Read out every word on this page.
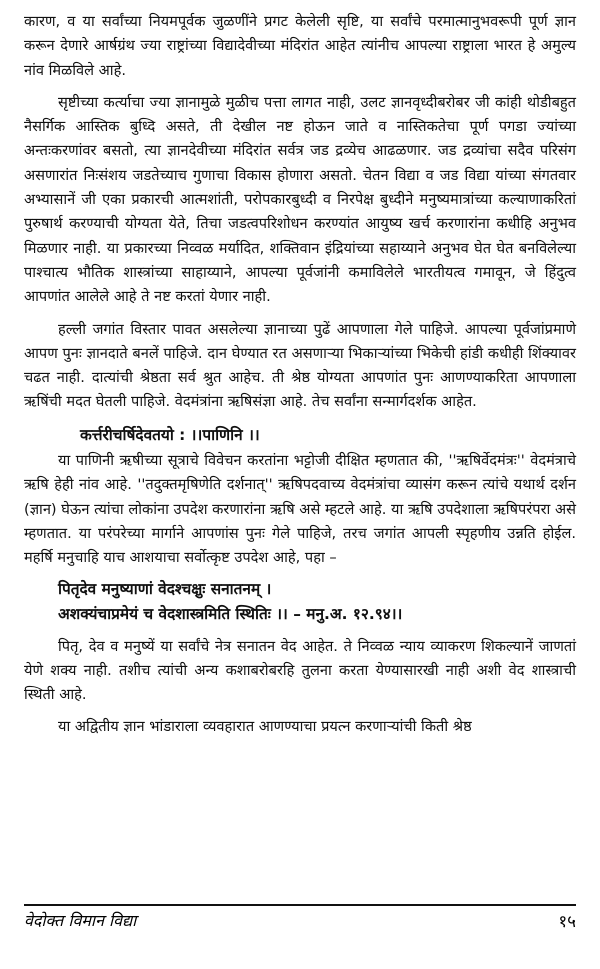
कारण, व या सर्वांच्या नियमपूर्वक जुळणींने प्रगट केलेली सृष्टि, या सर्वांचे परमात्मानुभवरूपी पूर्ण ज्ञान करून देणारे आर्षग्रंथ ज्या राष्ट्रांच्या विद्यादेवीच्या मंदिरांत आहेत त्यांनीच आपल्या राष्ट्राला भारत हे अमुल्य नांव मिळविले आहे.

सृष्टीच्या कर्त्याचा ज्या ज्ञानामुळे मुळीच पत्ता लागत नाही, उलट ज्ञानवृध्दीबरोबर जी कांही थोडीबहुत नैसर्गिक आस्तिक बुध्दि असते, ती देखील नष्ट होऊन जाते व नास्तिकतेचा पूर्ण पगडा ज्यांच्या अन्तःकरणांवर बसतो, त्या ज्ञानदेवीच्या मंदिरांत सर्वत्र जड द्रव्येच आढळणार. जड द्रव्यांचा सदैव परिसंग असणारांत निःसंशय जडतेच्याच गुणाचा विकास होणारा असतो. चेतन विद्या व जड विद्या यांच्या संगतवार अभ्यासानें जी एका प्रकारची आत्मशांती, परोपकारबुध्दी व निरपेक्ष बुध्दीने मनुष्यमात्रांच्या कल्याणाकरितां पुरुषार्थ करण्याची योग्यता येते, तिचा जडत्वपरिशोधन करण्यांत आयुष्य खर्च करणारांना कधीहि अनुभव मिळणार नाही. या प्रकारच्या निव्वळ मर्यादित, शक्तिवान इंद्रियांच्या सहाय्याने अनुभव घेत घेत बनविलेल्या पाश्चात्य भौतिक शास्त्रांच्या साहाय्याने, आपल्या पूर्वजांनी कमाविलेले भारतीयत्व गमावून, जे हिंदुत्व आपणांत आलेले आहे ते नष्ट करतां येणार नाही.

हल्ली जगांत विस्तार पावत असलेल्या ज्ञानाच्या पुढें आपणाला गेले पाहिजे. आपल्या पूर्वजांप्रमाणे आपण पुनः ज्ञानदाते बनलें पाहिजे. दान घेण्यात रत असणाऱ्या भिकाऱ्यांच्या भिकेची हांडी कधीही शिंक्यावर चढत नाही. दात्यांची श्रेष्ठता सर्व श्रुत आहेच. ती श्रेष्ठ योग्यता आपणांत पुनः आणण्याकरिता आपणाला ऋषिंची मदत घेतली पाहिजे. वेदमंत्रांना ऋषिसंज्ञा आहे. तेच सर्वांना सन्मार्गदर्शक आहेत.

कर्त्तरीचर्षिदेवतयो : ।।पाणिनि ।।

या पाणिनी ऋषीच्या सूत्राचे विवेचन करतांना भट्टोजी दीक्षित म्हणतात की, ''ऋषिर्वेदमंत्रः'' वेदमंत्राचे ऋषि हेही नांव आहे. ''तदुक्तमृषिणेति दर्शनात्'' ऋषिपदवाच्य वेदमंत्रांचा व्यासंग करून त्यांचे यथार्थ दर्शन (ज्ञान) घेऊन त्यांचा लोकांना उपदेश करणारांना ऋषि असे म्हटले आहे. या ऋषि उपदेशाला ऋषिपरंपरा असे म्हणतात. या परंपरेच्या मार्गाने आपणांस पुनः गेले पाहिजे, तरच जगांत आपली स्पृहणीय उन्नति होईल. महर्षि मनुचाहि याच आशयाचा सर्वोत्कृष्ट उपदेश आहे, पहा –

पितृदेव मनुष्याणां वेदश्चक्षुः सनातनम् ।

अशक्यंचाप्रमेयं च वेदशास्त्रमिति स्थितिः ।। – मनु.अ. १२.९४।।

पितृ, देव व मनुष्यें या सर्वांचे नेत्र सनातन वेद आहेत. ते निव्वळ न्याय व्याकरण शिकल्यानें जाणतां येणे शक्य नाही. तशीच त्यांची अन्य कशाबरोबरहि तुलना करता येण्यासारखी नाही अशी वेद शास्त्राची स्थिती आहे.

या अद्वितीय ज्ञान भांडाराला व्यवहारात आणण्याचा प्रयत्न करणाऱ्यांची किती श्रेष्ठ

वेदोक्त विमान विद्या	१५
